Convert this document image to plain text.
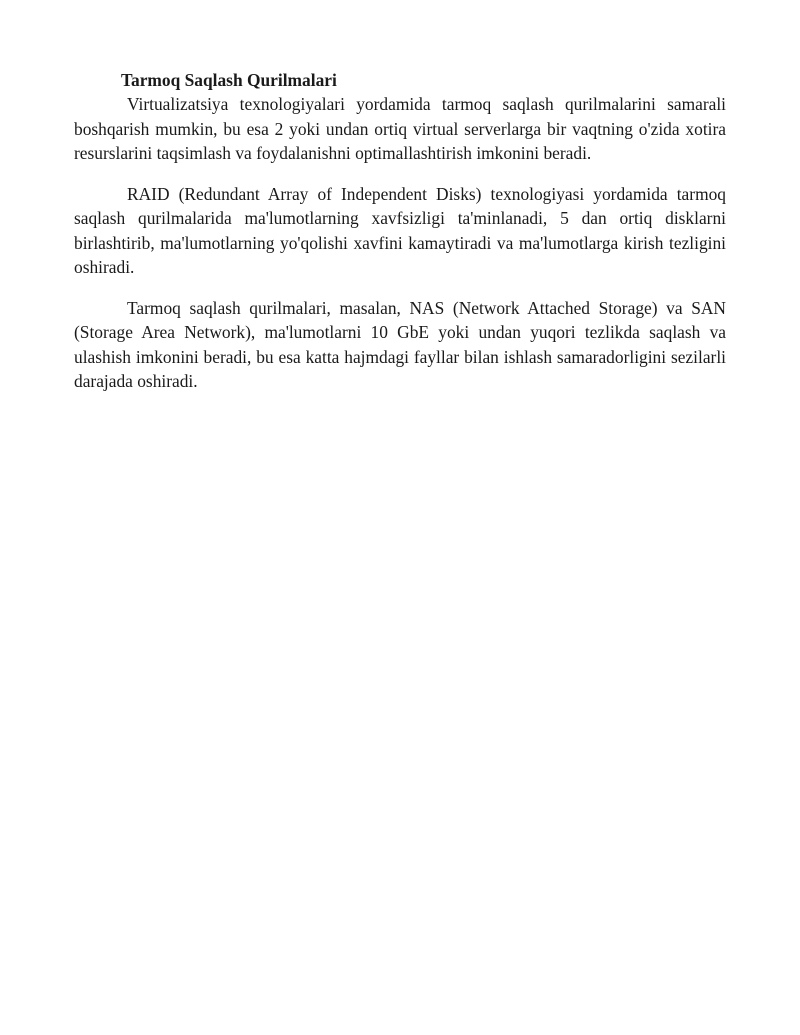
Tarmoq Saqlash Qurilmalari

Virtualizatsiya texnologiyalari yordamida tarmoq saqlash qurilmalarini samarali boshqarish mumkin, bu esa 2 yoki undan ortiq virtual serverlarga bir vaqtning o'zida xotira resurslarini taqsimlash va foydalanishni optimallashtirish imkonini beradi.

RAID (Redundant Array of Independent Disks) texnologiyasi yordamida tarmoq saqlash qurilmalarida ma'lumotlarning xavfsizligi ta'minlanadi, 5 dan ortiq disklarni birlashtirib, ma'lumotlarning yo'qolishi xavfini kamaytiradi va ma'lumotlarga kirish tezligini oshiradi.

Tarmoq saqlash qurilmalari, masalan, NAS (Network Attached Storage) va SAN (Storage Area Network), ma'lumotlarni 10 GbE yoki undan yuqori tezlikda saqlash va ulashish imkonini beradi, bu esa katta hajmdagi fayllar bilan ishlash samaradorligini sezilarli darajada oshiradi.
